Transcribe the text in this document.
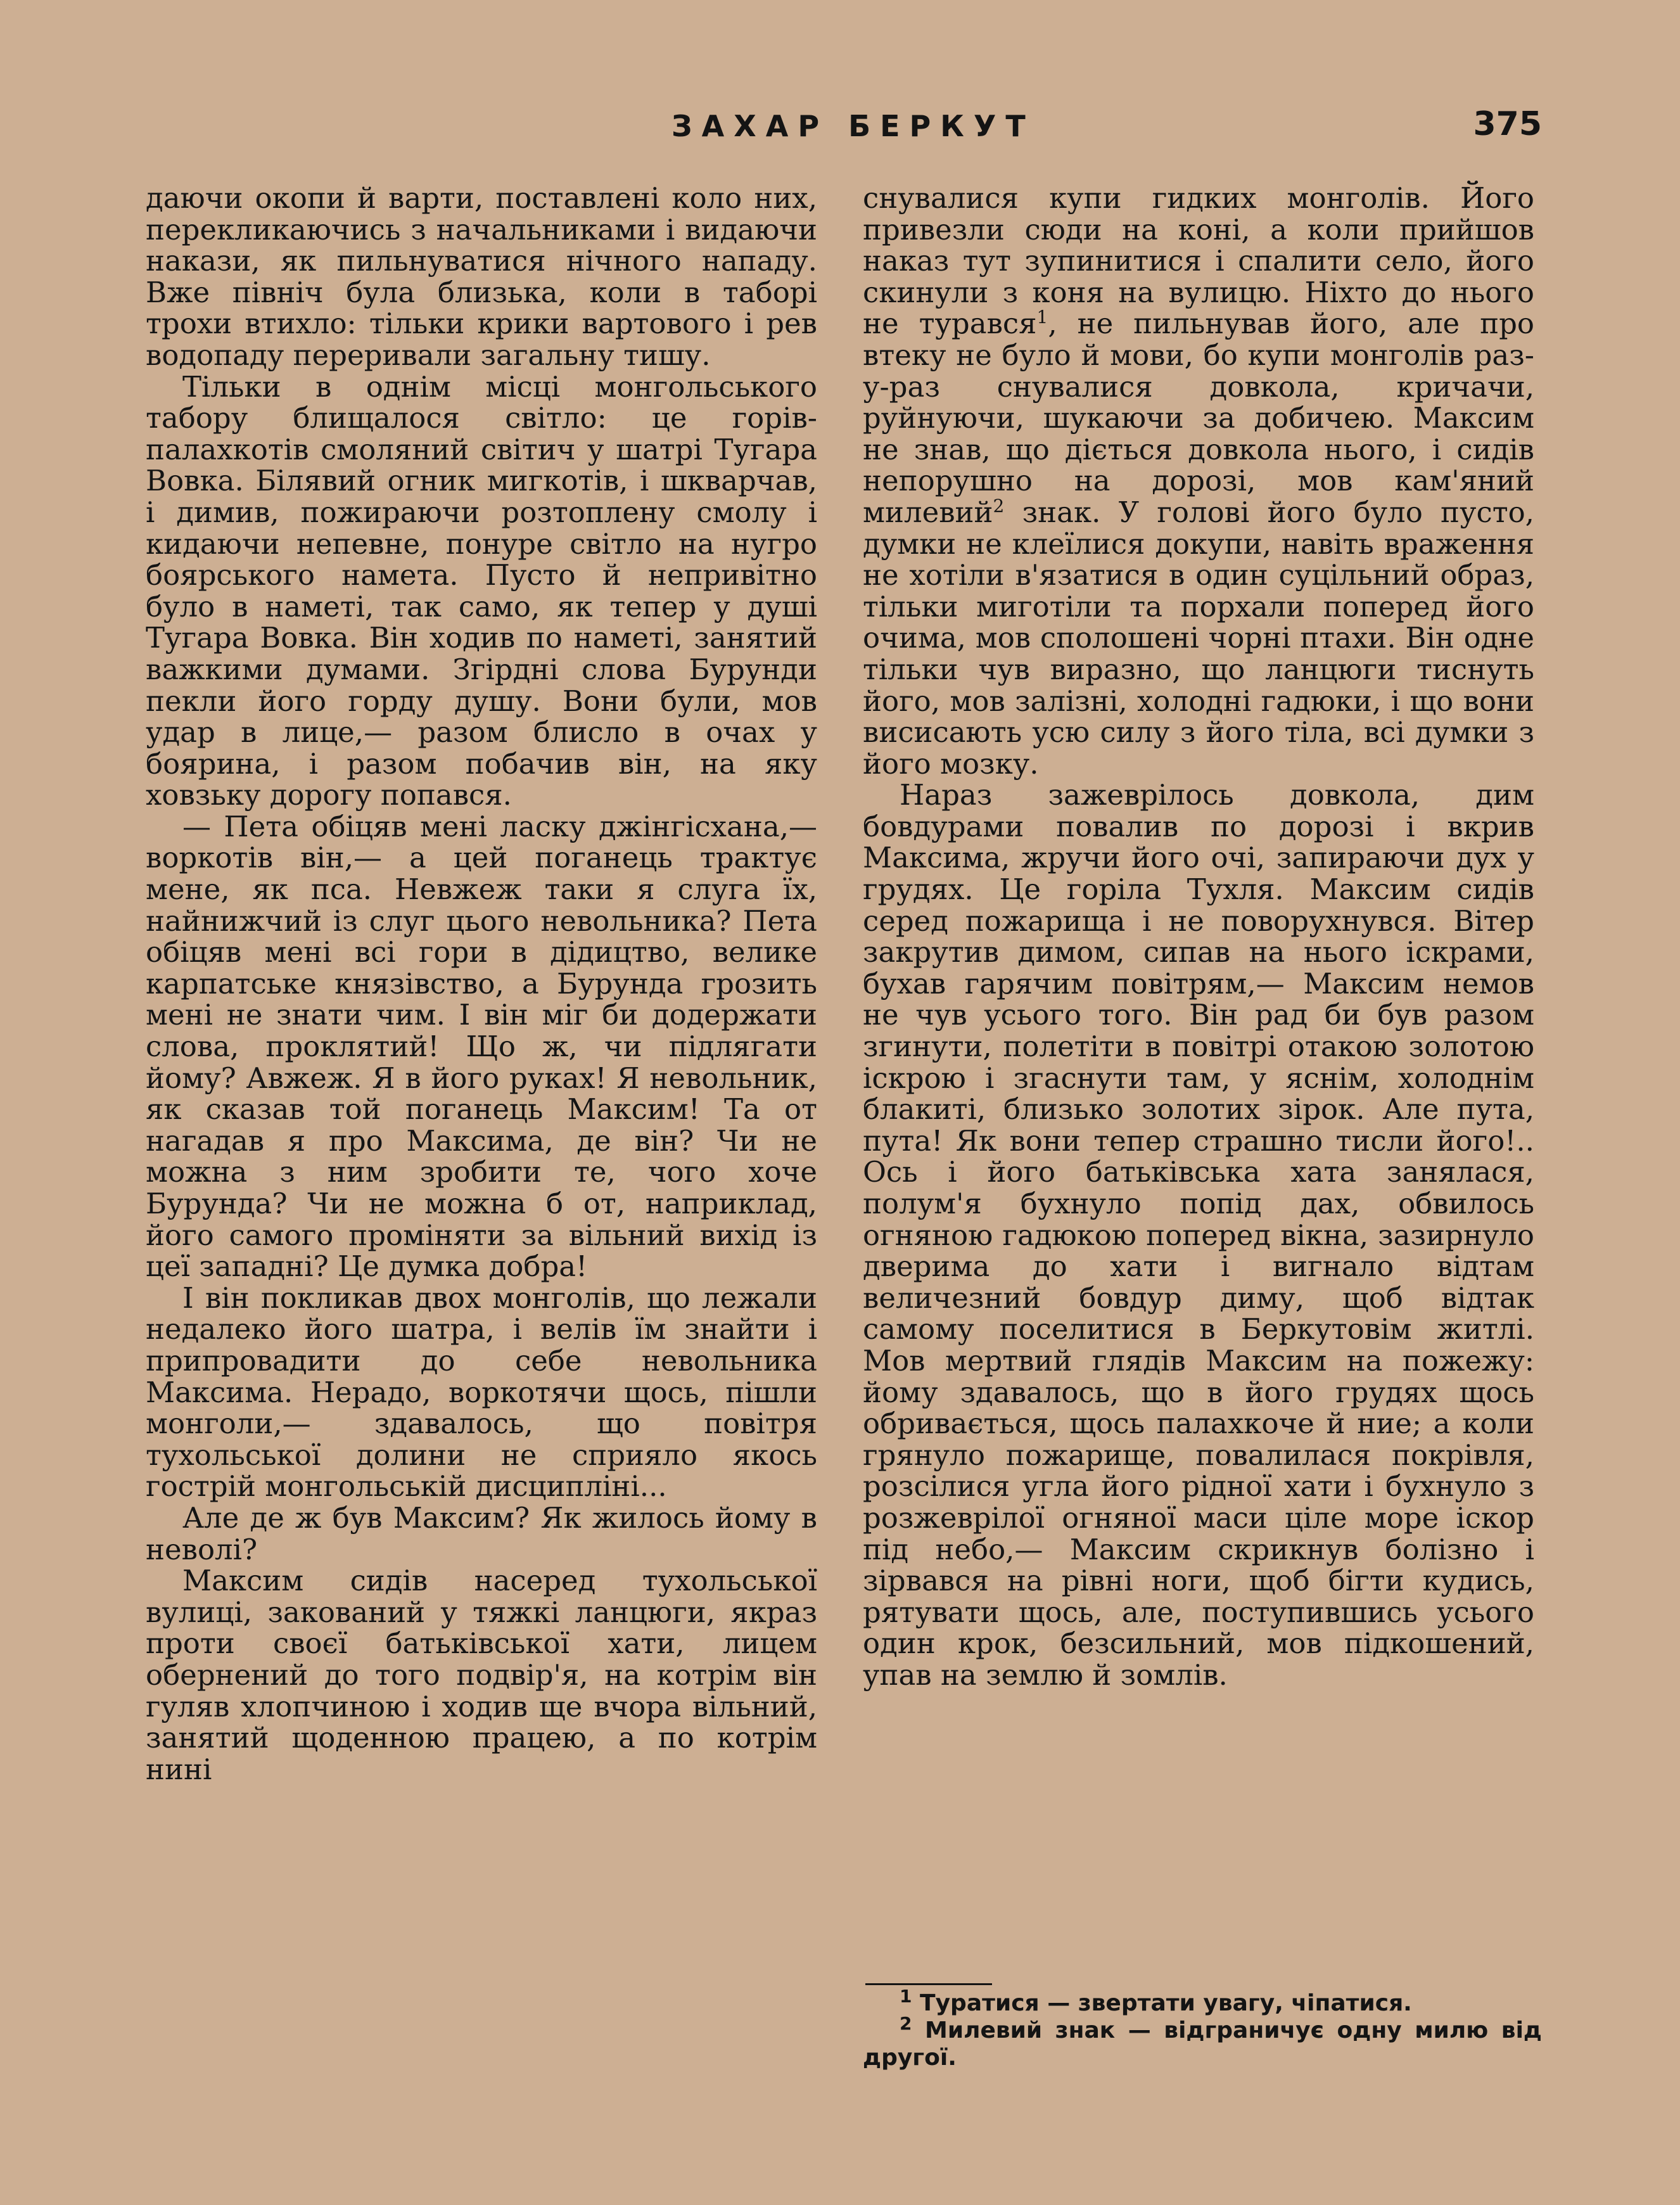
ЗАХАР БЕРКУТ	375

даючи окопи й варти, поставлені коло них, перекликаючись з начальниками і видаючи накази, як пильнуватися нічного нападу. Вже північ була близька, коли в таборі трохи втихло: тільки крики вартового і рев водопаду переривали загальну тишу.

Тільки в однім місці монгольського табору блищалося світло: це горів-палахкотів смоляний світич у шатрі Тугара Вовка. Білявий огник мигкотів, і шкварчав, і димив, пожираючи розтоплену смолу і кидаючи непевне, понуре світло на нугро боярського намета. Пусто й непривітно було в наметі, так само, як тепер у душі Тугара Вовка. Він ходив по наметі, занятий важкими думами. Згірдні слова Бурунди пекли його горду душу. Вони були, мов удар в лице,— разом блисло в очах у боярина, і разом побачив він, на яку ховзьку дорогу попався.

— Пета обіцяв мені ласку джінгісхана,— воркотів він,— а цей поганець трактує мене, як пса. Невжеж таки я слуга їх, найнижчий із слуг цього невольника? Пета обіцяв мені всі гори в дідицтво, велике карпатське князівство, а Бурунда грозить мені не знати чим. І він міг би додержати слова, проклятий! Що ж, чи підлягати йому? Авжеж. Я в його руках! Я невольник, як сказав той поганець Максим! Та от нагадав я про Максима, де він? Чи не можна з ним зробити те, чого хоче Бурунда? Чи не можна б от, наприклад, його самого проміняти за вільний вихід із цеї западні? Це думка добра!

І він покликав двох монголів, що лежали недалеко його шатра, і велів їм знайти і припровадити до себе невольника Максима. Нерадо, воркотячи щось, пішли монголи,— здавалось, що повітря тухольської долини не сприяло якось гострій монгольській дисципліні...

Але де ж був Максим? Як жилось йому в неволі?

Максим сидів насеред тухольської вулиці, закований у тяжкі ланцюги, якраз проти своєї батьківської хати, лицем обернений до того подвір'я, на котрім він гуляв хлопчиною і ходив ще вчора вільний, занятий щоденною працею, а по котрім нині

снувалися купи гидких монголів. Його привезли сюди на коні, а коли прийшов наказ тут зупинитися і спалити село, його скинули з коня на вулицю. Ніхто до нього не турався$^1$, не пильнував його, але про втеку не було й мови, бо купи монголів раз-у-раз снувалися довкола, кричачи, руйнуючи, шукаючи за добичею. Максим не знав, що діється довкола нього, і сидів непорушно на дорозі, мов кам'яний милевий$^2$ знак. У голові його було пусто, думки не клеїлися докупи, навіть враження не хотіли в'язатися в один суцільний образ, тільки миготіли та порхали поперед його очима, мов сполошені чорні птахи. Він одне тільки чув виразно, що ланцюги тиснуть його, мов залізні, холодні гадюки, і що вони висисають усю силу з його тіла, всі думки з його мозку.

Нараз зажеврілось довкола, дим бовдурами повалив по дорозі і вкрив Максима, жручи його очі, запираючи дух у грудях. Це горіла Тухля. Максим сидів серед пожарища і не поворухнувся. Вітер закрутив димом, сипав на нього іскрами, бухав гарячим повітрям,— Максим немов не чув усього того. Він рад би був разом згинути, полетіти в повітрі отакою золотою іскрою і згаснути там, у яснім, холоднім блакиті, близько золотих зірок. Але пута, пута! Як вони тепер страшно тисли його!.. Ось і його батьківська хата занялася, полум'я бухнуло попід дах, обвилось огняною гадюкою поперед вікна, зазирнуло дверима до хати і вигнало відтам величезний бовдур диму, щоб відтак самому поселитися в Беркутовім житлі. Мов мертвий глядів Максим на пожежу: йому здавалось, що в його грудях щось обривається, щось палахкоче й ние; а коли грянуло пожарище, повалилася покрівля, розсілися угла його рідної хати і бухнуло з розжеврілої огняної маси ціле море іскор під небо,— Максим скрикнув болізно і зірвався на рівні ноги, щоб бігти кудись, рятувати щось, але, поступившись усього один крок, безсильний, мов підкошений, упав на землю й зомлів.

$^1$ Туратися — звертати увагу, чіпатися.

$^2$ Милевий знак — відграничує одну милю від другої.
